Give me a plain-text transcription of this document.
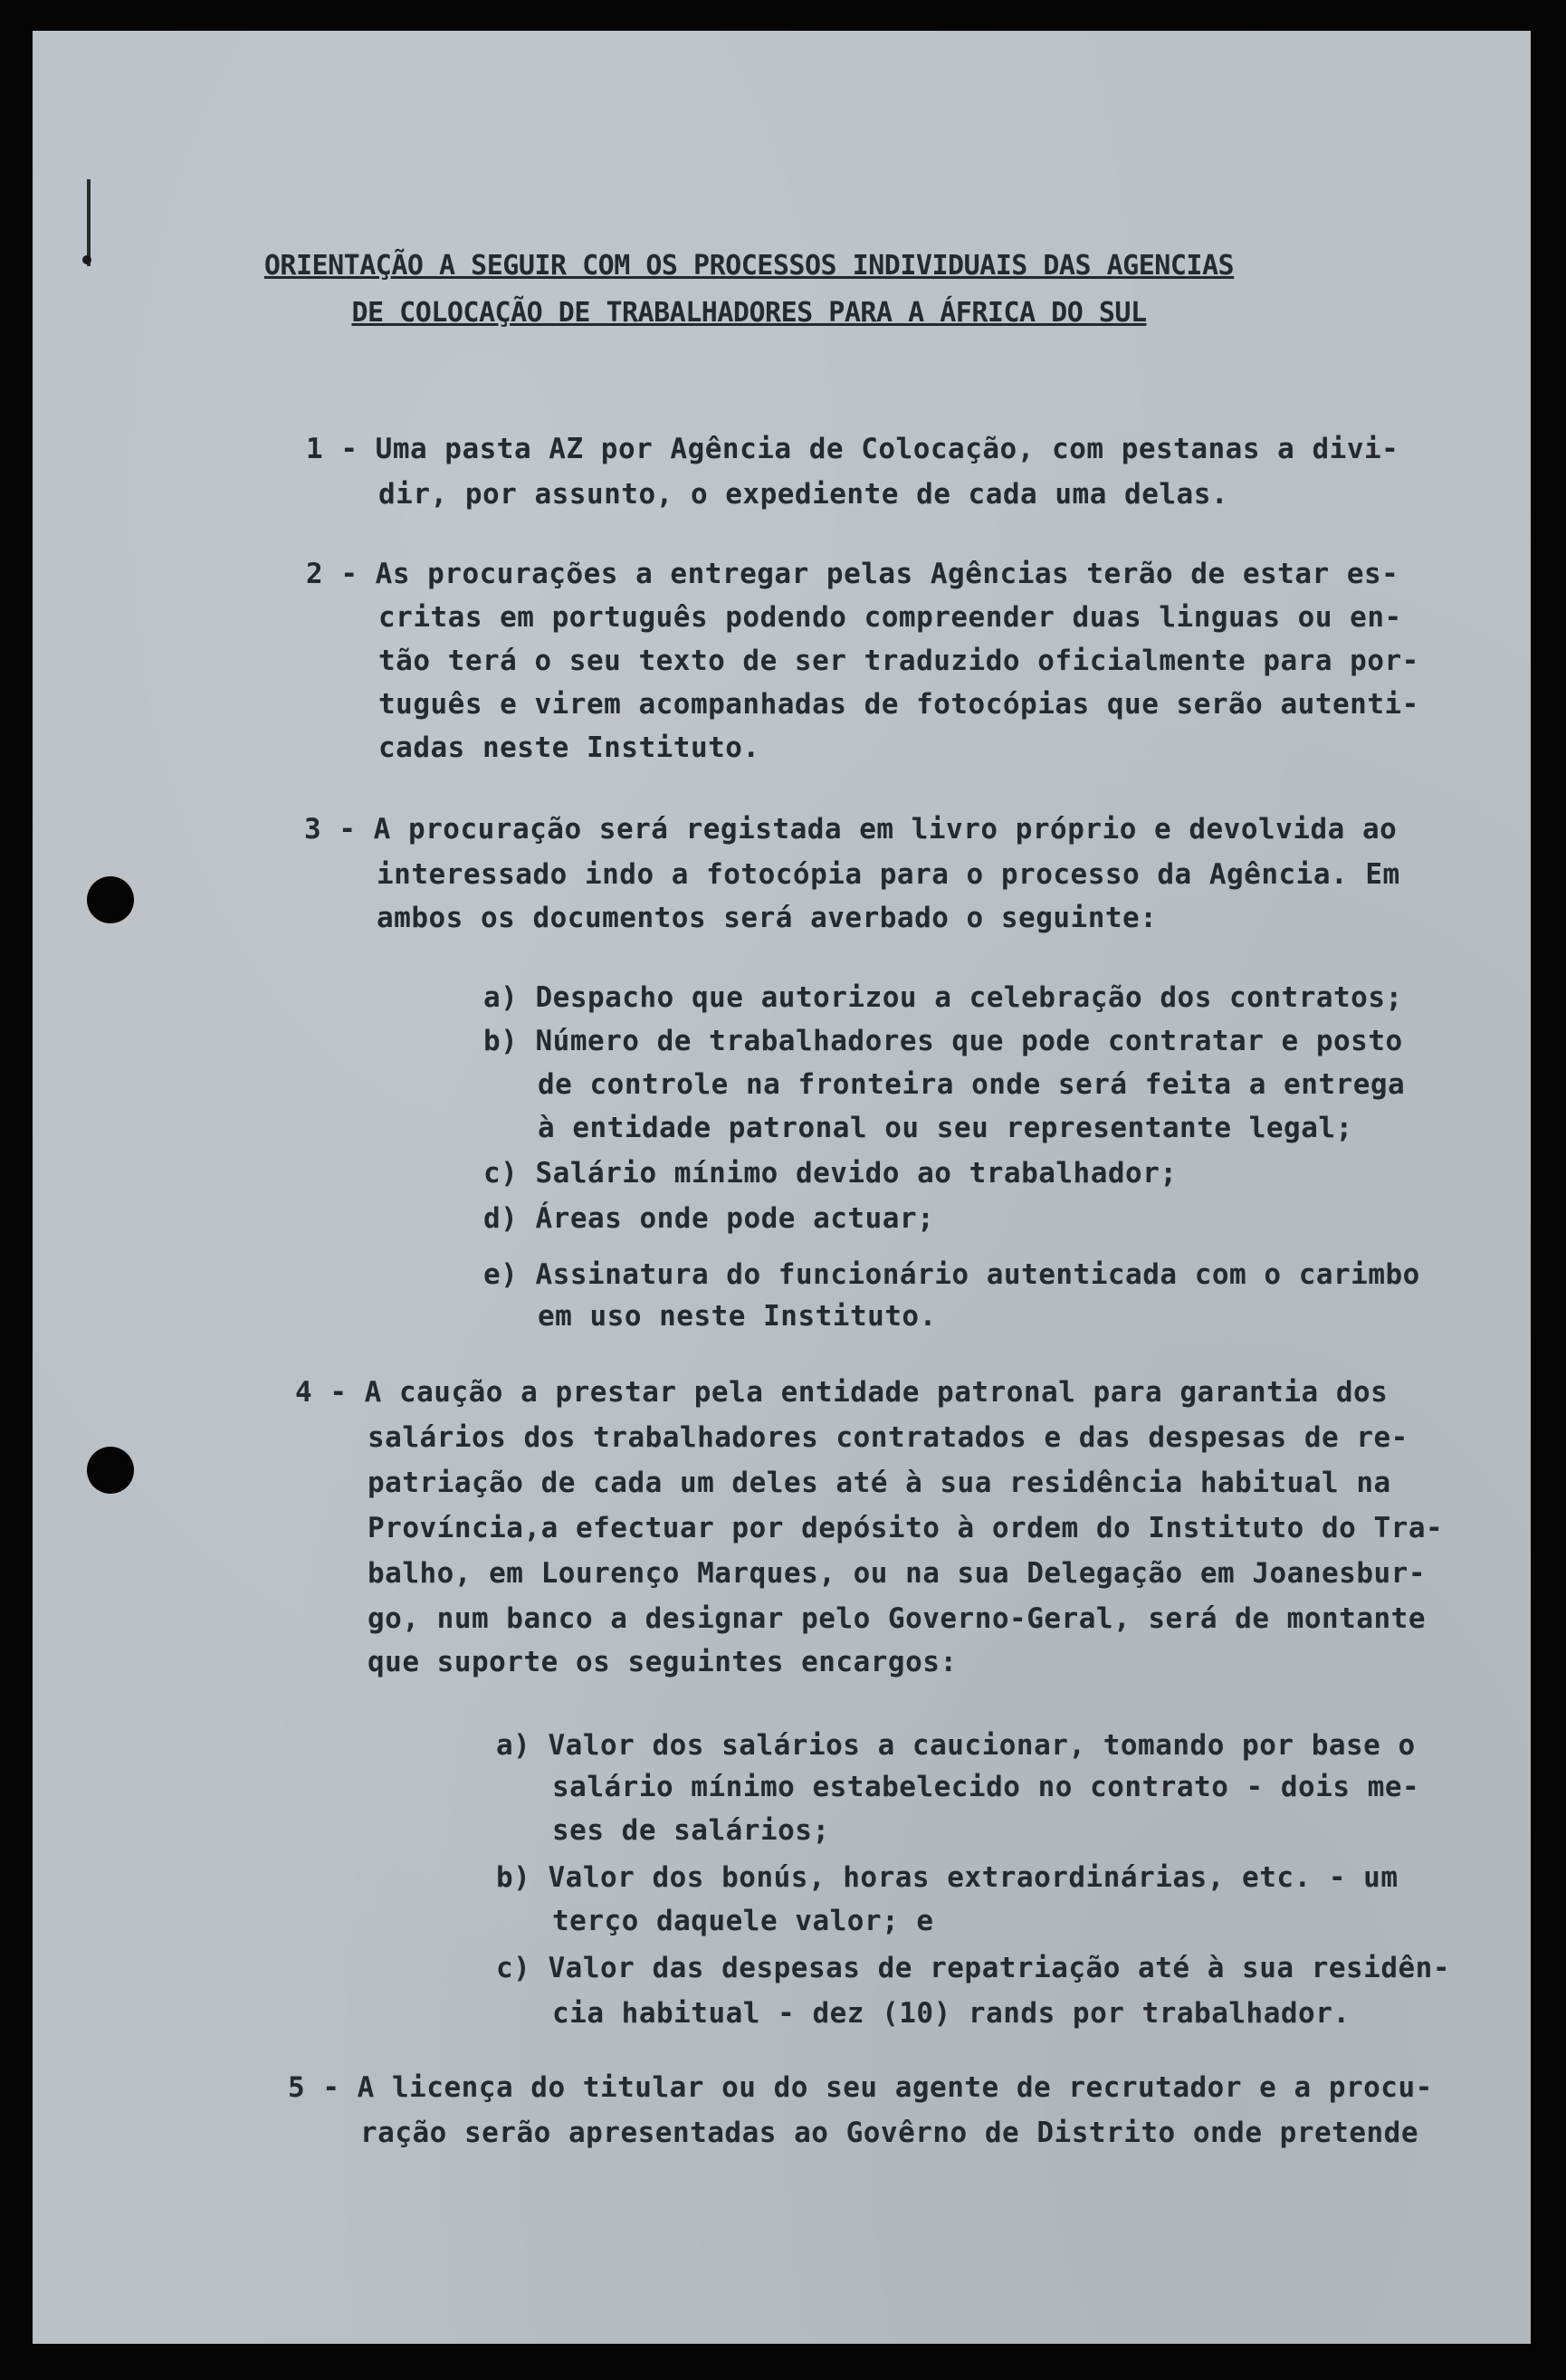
ORIENTAÇÃO A SEGUIR COM OS PROCESSOS INDIVIDUAIS DAS AGENCIAS
DE COLOCAÇÃO DE TRABALHADORES PARA A ÁFRICA DO SUL
1 - Uma pasta AZ por Agência de Colocação, com pestanas a divi-
dir, por assunto, o expediente de cada uma delas.
2 - As procurações a entregar pelas Agências terão de estar es-
critas em português podendo compreender duas linguas ou en-
tão terá o seu texto de ser traduzido oficialmente para por-
tuguês e virem acompanhadas de fotocópias que serão autenti-
cadas neste Instituto.
3 - A procuração será registada em livro próprio e devolvida ao
interessado indo a fotocópia para o processo da Agência. Em
ambos os documentos será averbado o seguinte:
a) Despacho que autorizou a celebração dos contratos;
b) Número de trabalhadores que pode contratar e posto
de controle na fronteira onde será feita a entrega
à entidade patronal ou seu representante legal;
c) Salário mínimo devido ao trabalhador;
d) Áreas onde pode actuar;
e) Assinatura do funcionário autenticada com o carimbo
em uso neste Instituto.
4 - A caução a prestar pela entidade patronal para garantia dos
salários dos trabalhadores contratados e das despesas de re-
patriação de cada um deles até à sua residência habitual na
Província,a efectuar por depósito à ordem do Instituto do Tra-
balho, em Lourenço Marques, ou na sua Delegação em Joanesbur-
go, num banco a designar pelo Governo-Geral, será de montante
que suporte os seguintes encargos:
a) Valor dos salários a caucionar, tomando por base o
salário mínimo estabelecido no contrato - dois me-
ses de salários;
b) Valor dos bonús, horas extraordinárias, etc. - um
terço daquele valor; e
c) Valor das despesas de repatriação até à sua residên-
cia habitual - dez (10) rands por trabalhador.
5 - A licença do titular ou do seu agente de recrutador e a procu-
ração serão apresentadas ao Govêrno de Distrito onde pretende
